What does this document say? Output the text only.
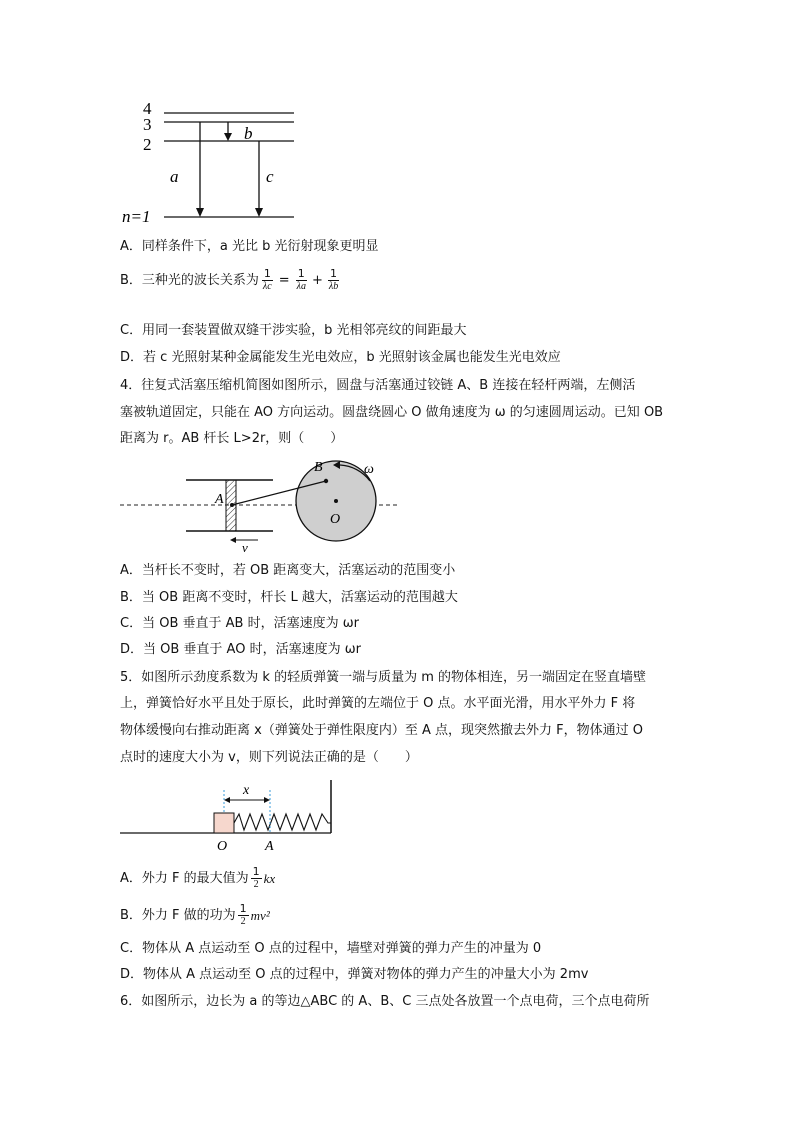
4
3
2
n=1
a
b
c
A．同样条件下，a 光比 b 光衍射现象更明显
B．三种光的波长关系为 $\frac{1}{\lambda c} = \frac{1}{\lambda a} + \frac{1}{\lambda b}$
C．用同一套装置做双缝干涉实验，b 光相邻亮纹的间距最大
D．若 c 光照射某种金属能发生光电效应，b 光照射该金属也能发生光电效应
4．往复式活塞压缩机简图如图所示，圆盘与活塞通过铰链 A、B 连接在轻杆两端，左侧活
塞被轨道固定，只能在 AO 方向运动。圆盘绕圆心 O 做角速度为 ω 的匀速圆周运动。已知 OB
距离为 r。AB 杆长 L>2r，则（　　）
A
B
O
ω
v
A．当杆长不变时，若 OB 距离变大，活塞运动的范围变小
B．当 OB 距离不变时，杆长 L 越大，活塞运动的范围越大
C．当 OB 垂直于 AB 时，活塞速度为 ωr
D．当 OB 垂直于 AO 时，活塞速度为 ωr
5．如图所示劲度系数为 k 的轻质弹簧一端与质量为 m 的物体相连，另一端固定在竖直墙壁
上，弹簧恰好水平且处于原长，此时弹簧的左端位于 O 点。水平面光滑，用水平外力 F 将
物体缓慢向右推动距离 x（弹簧处于弹性限度内）至 A 点，现突然撤去外力 F，物体通过 O
点时的速度大小为 v，则下列说法正确的是（　　）
x
O	A
A．外力 F 的最大值为 $\frac{1}{2}$ kx
B．外力 F 做的功为 $\frac{1}{2} mv^2$
C．物体从 A 点运动至 O 点的过程中，墙壁对弹簧的弹力产生的冲量为 0
D．物体从 A 点运动至 O 点的过程中，弹簧对物体的弹力产生的冲量大小为 2mv
6．如图所示，边长为 a 的等边△ABC 的 A、B、C 三点处各放置一个点电荷，三个点电荷所
